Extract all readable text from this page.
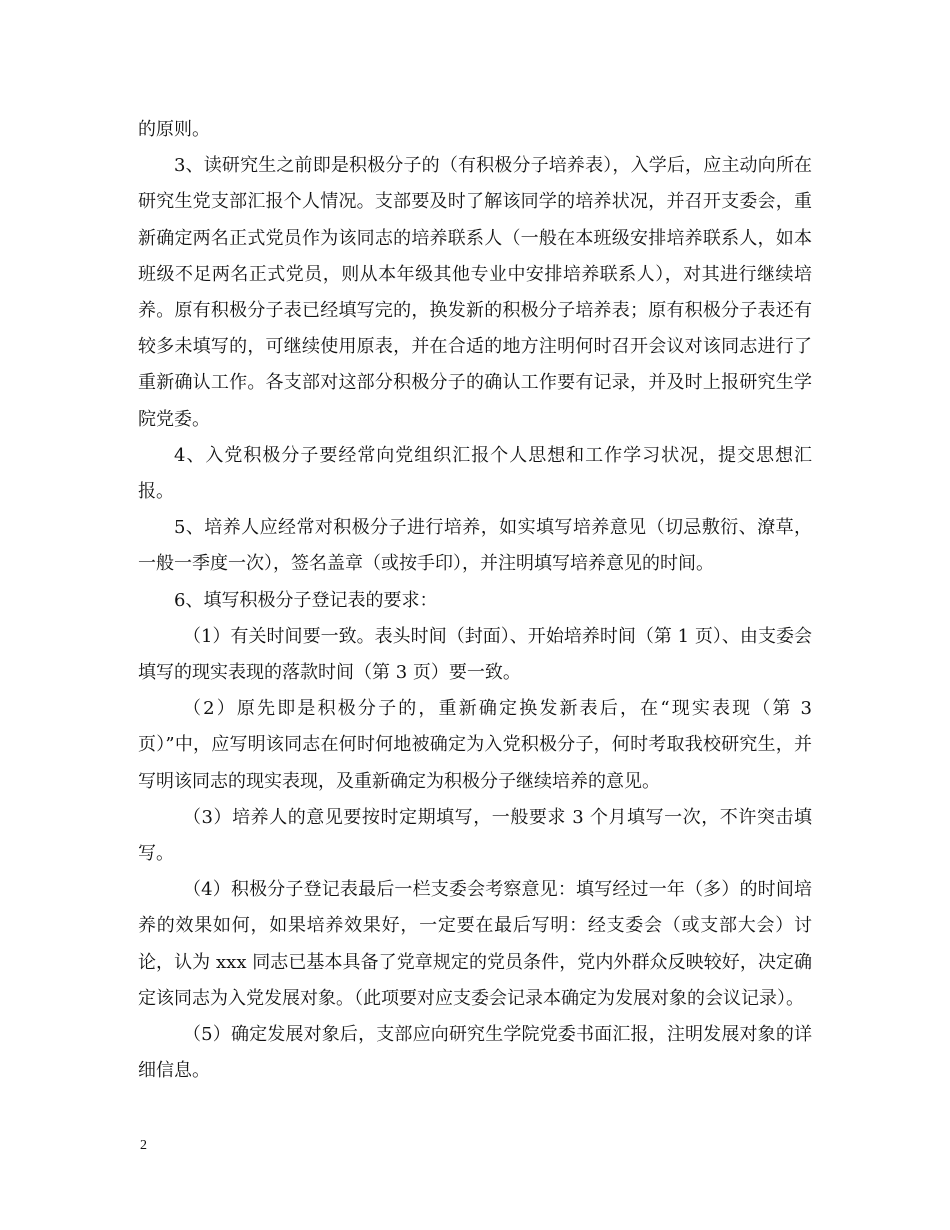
的原则。

3、读研究生之前即是积极分子的（有积极分子培养表），入学后，应主动向所在研究生党支部汇报个人情况。支部要及时了解该同学的培养状况，并召开支委会，重新确定两名正式党员作为该同志的培养联系人（一般在本班级安排培养联系人，如本班级不足两名正式党员，则从本年级其他专业中安排培养联系人），对其进行继续培养。原有积极分子表已经填写完的，换发新的积极分子培养表；原有积极分子表还有较多未填写的，可继续使用原表，并在合适的地方注明何时召开会议对该同志进行了重新确认工作。各支部对这部分积极分子的确认工作要有记录，并及时上报研究生学院党委。

4、入党积极分子要经常向党组织汇报个人思想和工作学习状况，提交思想汇报。

5、培养人应经常对积极分子进行培养，如实填写培养意见（切忌敷衍、潦草，一般一季度一次），签名盖章（或按手印），并注明填写培养意见的时间。

6、填写积极分子登记表的要求：

（1）有关时间要一致。表头时间（封面）、开始培养时间（第 1 页）、由支委会填写的现实表现的落款时间（第 3 页）要一致。

（2）原先即是积极分子的，重新确定换发新表后，在“现实表现（第 3 页）”中，应写明该同志在何时何地被确定为入党积极分子，何时考取我校研究生，并写明该同志的现实表现，及重新确定为积极分子继续培养的意见。

（3）培养人的意见要按时定期填写，一般要求 3 个月填写一次，不许突击填写。

（4）积极分子登记表最后一栏支委会考察意见：填写经过一年（多）的时间培养的效果如何，如果培养效果好，一定要在最后写明：经支委会（或支部大会）讨论，认为 xxx 同志已基本具备了党章规定的党员条件，党内外群众反映较好，决定确定该同志为入党发展对象。（此项要对应支委会记录本确定为发展对象的会议记录）。

（5）确定发展对象后，支部应向研究生学院党委书面汇报，注明发展对象的详细信息。

2
